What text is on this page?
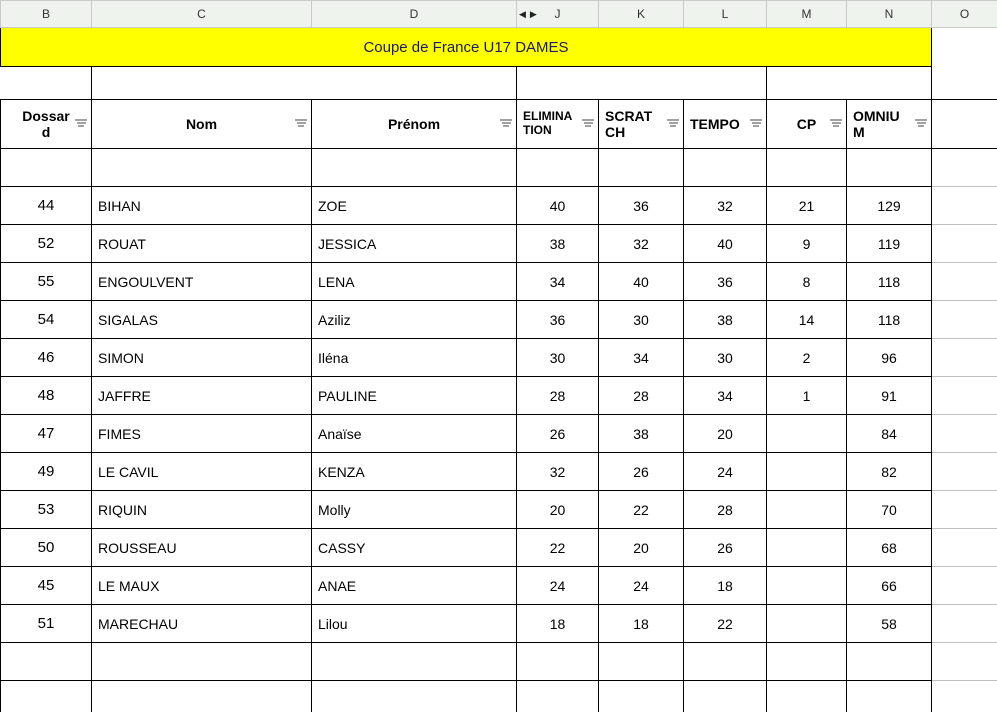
B	C	D	◀ ▶ J	K	L	M	N	O
Coupe de France U17 DAMES								

Dossar
d	Nom	Prénom	ELIMINA
TION	SCRAT
CH	TEMPO	CP	OMNIU
M	

44	BIHAN	ZOE	40	36	32	21	129	
52	ROUAT	JESSICA	38	32	40	9	119	
55	ENGOULVENT	LENA	34	40	36	8	118	
54	SIGALAS	Aziliz	36	30	38	14	118	
46	SIMON	Iléna	30	34	30	2	96	
48	JAFFRE	PAULINE	28	28	34	1	91	
47	FIMES	Anaïse	26	38	20		84	
49	LE CAVIL	KENZA	32	26	24		82	
53	RIQUIN	Molly	20	22	28		70	
50	ROUSSEAU	CASSY	22	20	26		68	
45	LE MAUX	ANAE	24	24	18		66	
51	MARECHAU	Lilou	18	18	22		58	
